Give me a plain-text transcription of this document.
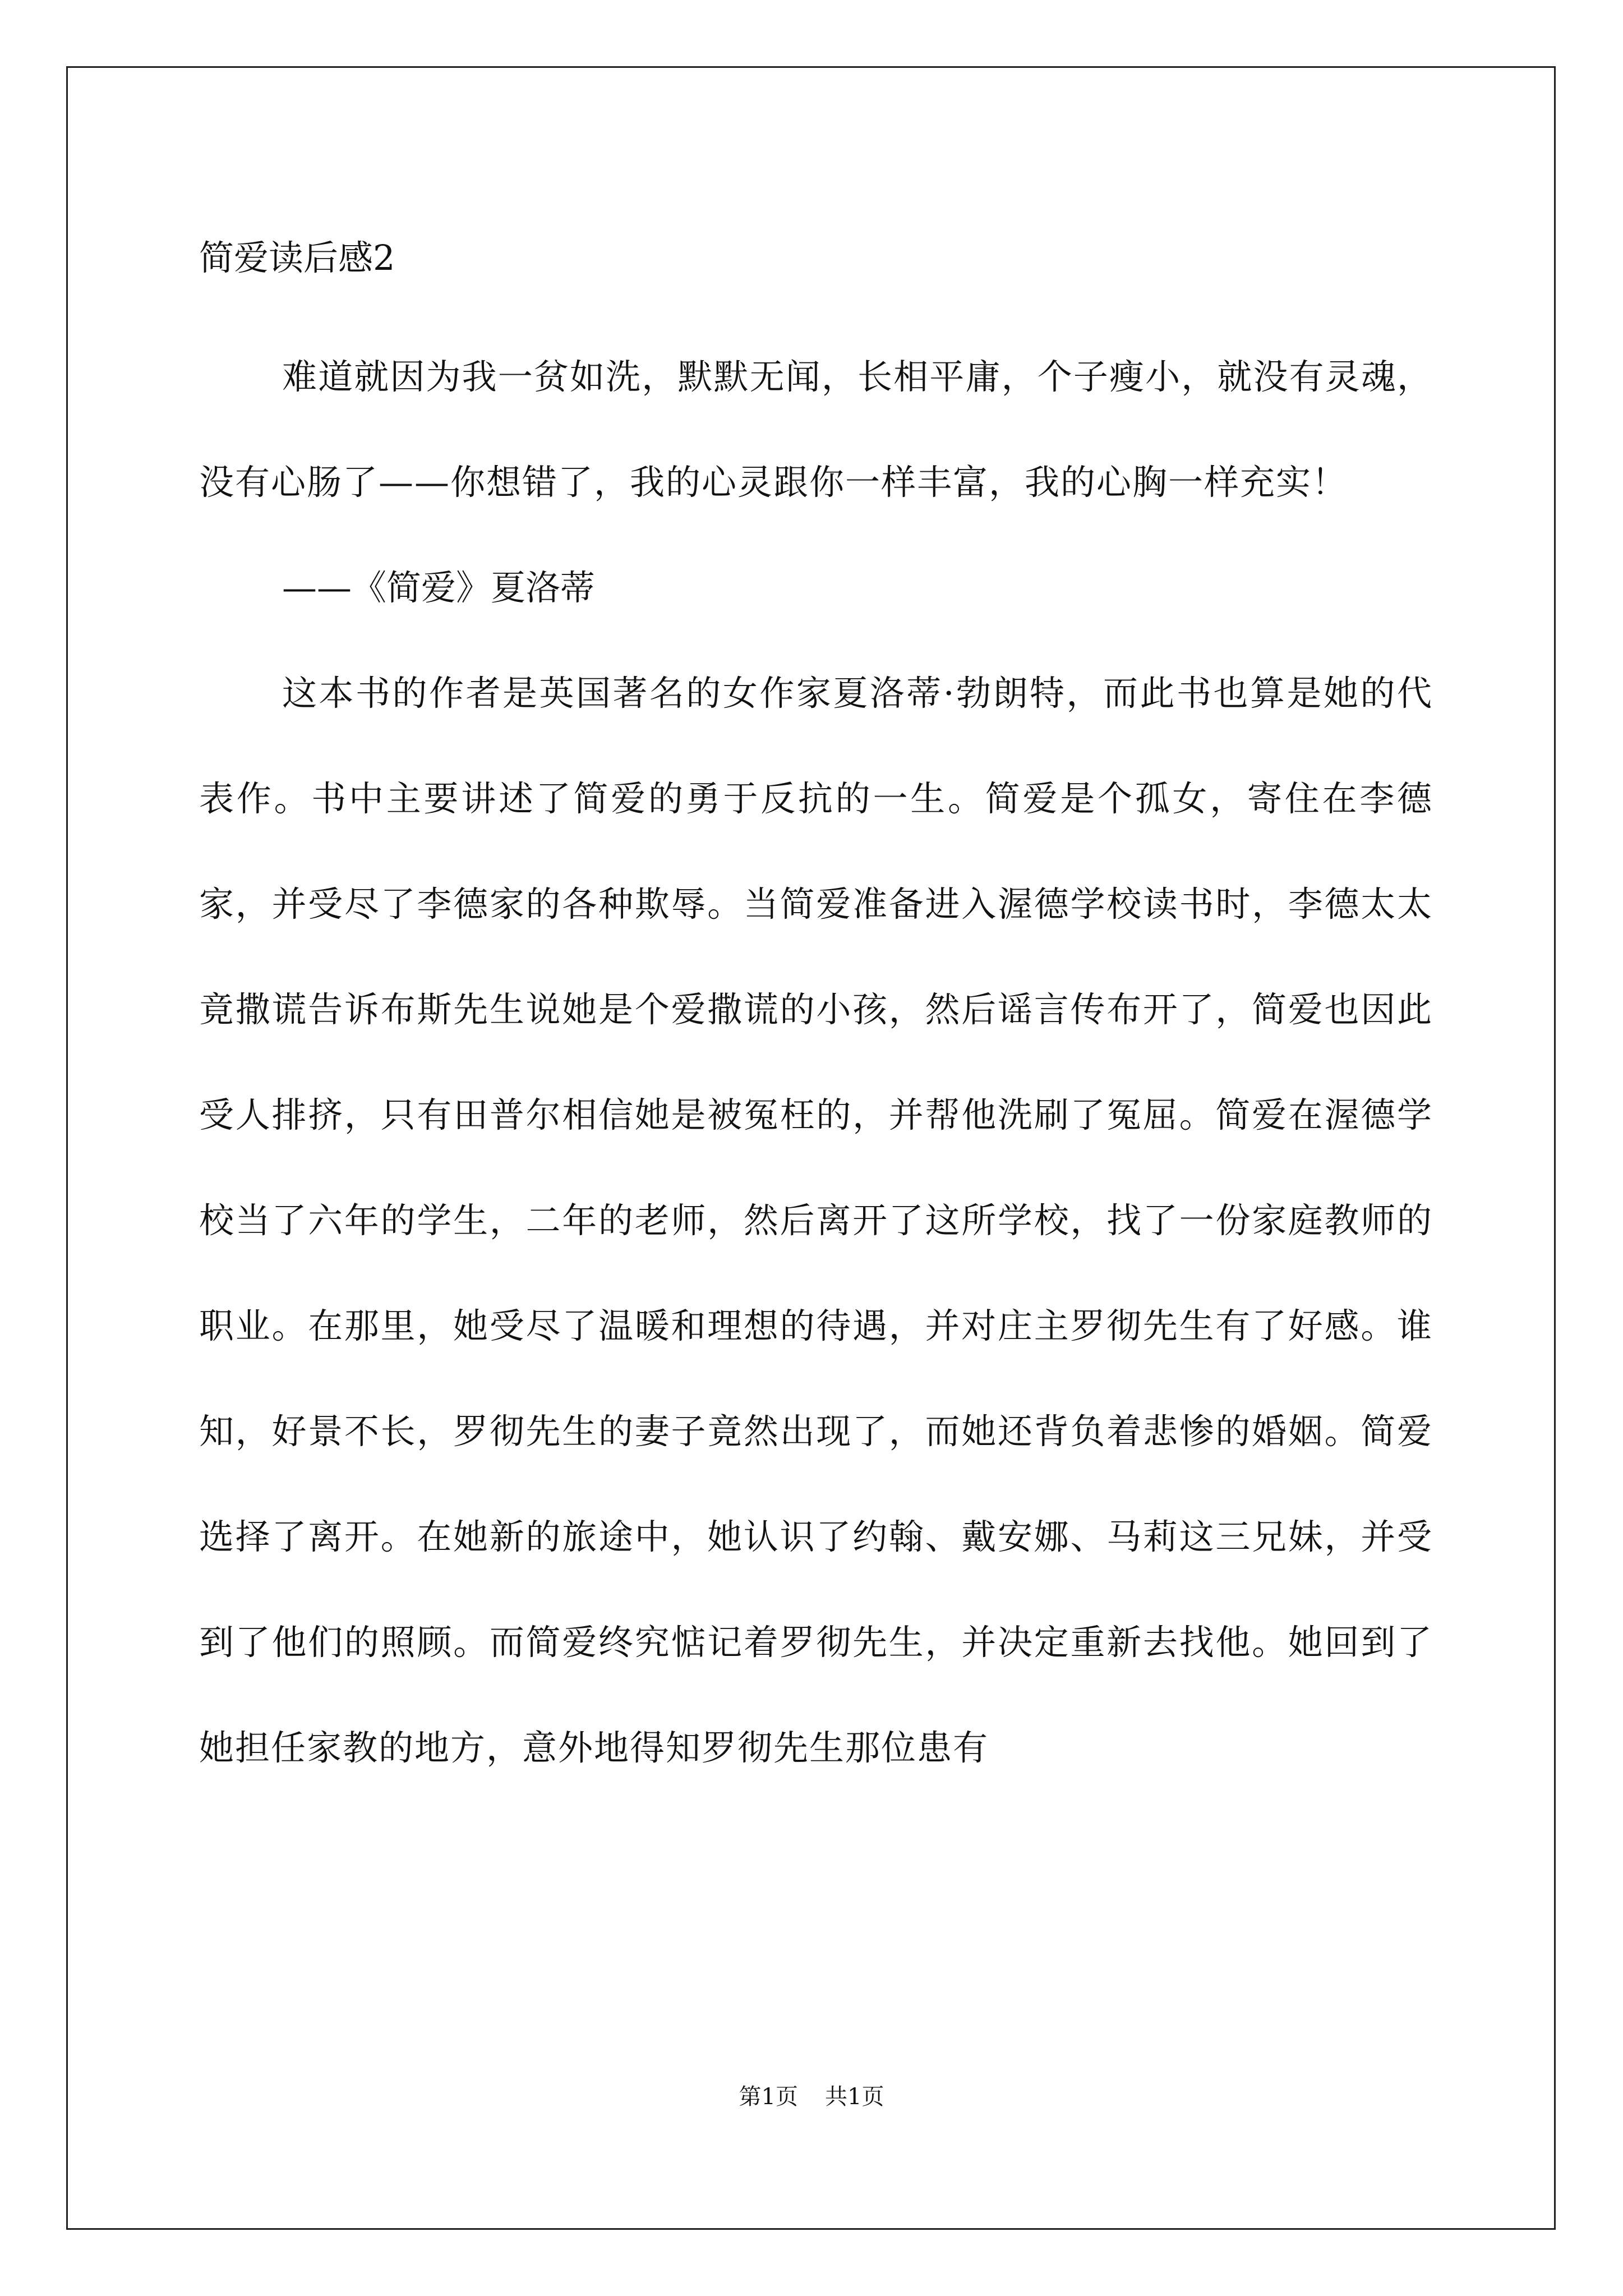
简爱读后感2

难道就因为我一贫如洗，默默无闻，长相平庸，个子瘦小，就没有灵魂，没有心肠了——你想错了，我的心灵跟你一样丰富，我的心胸一样充实！

——《简爱》夏洛蒂

这本书的作者是英国著名的女作家夏洛蒂·勃朗特，而此书也算是她的代表作。书中主要讲述了简爱的勇于反抗的一生。简爱是个孤女，寄住在李德家，并受尽了李德家的各种欺辱。当简爱准备进入渥德学校读书时，李德太太竟撒谎告诉布斯先生说她是个爱撒谎的小孩，然后谣言传布开了，简爱也因此受人排挤，只有田普尔相信她是被冤枉的，并帮他洗刷了冤屈。简爱在渥德学校当了六年的学生，二年的老师，然后离开了这所学校，找了一份家庭教师的职业。在那里，她受尽了温暖和理想的待遇，并对庄主罗彻先生有了好感。谁知，好景不长，罗彻先生的妻子竟然出现了，而她还背负着悲惨的婚姻。简爱选择了离开。在她新的旅途中，她认识了约翰、戴安娜、马莉这三兄妹，并受到了他们的照顾。而简爱终究惦记着罗彻先生，并决定重新去找他。她回到了她担任家教的地方，意外地得知罗彻先生那位患有

第1页 共1页
